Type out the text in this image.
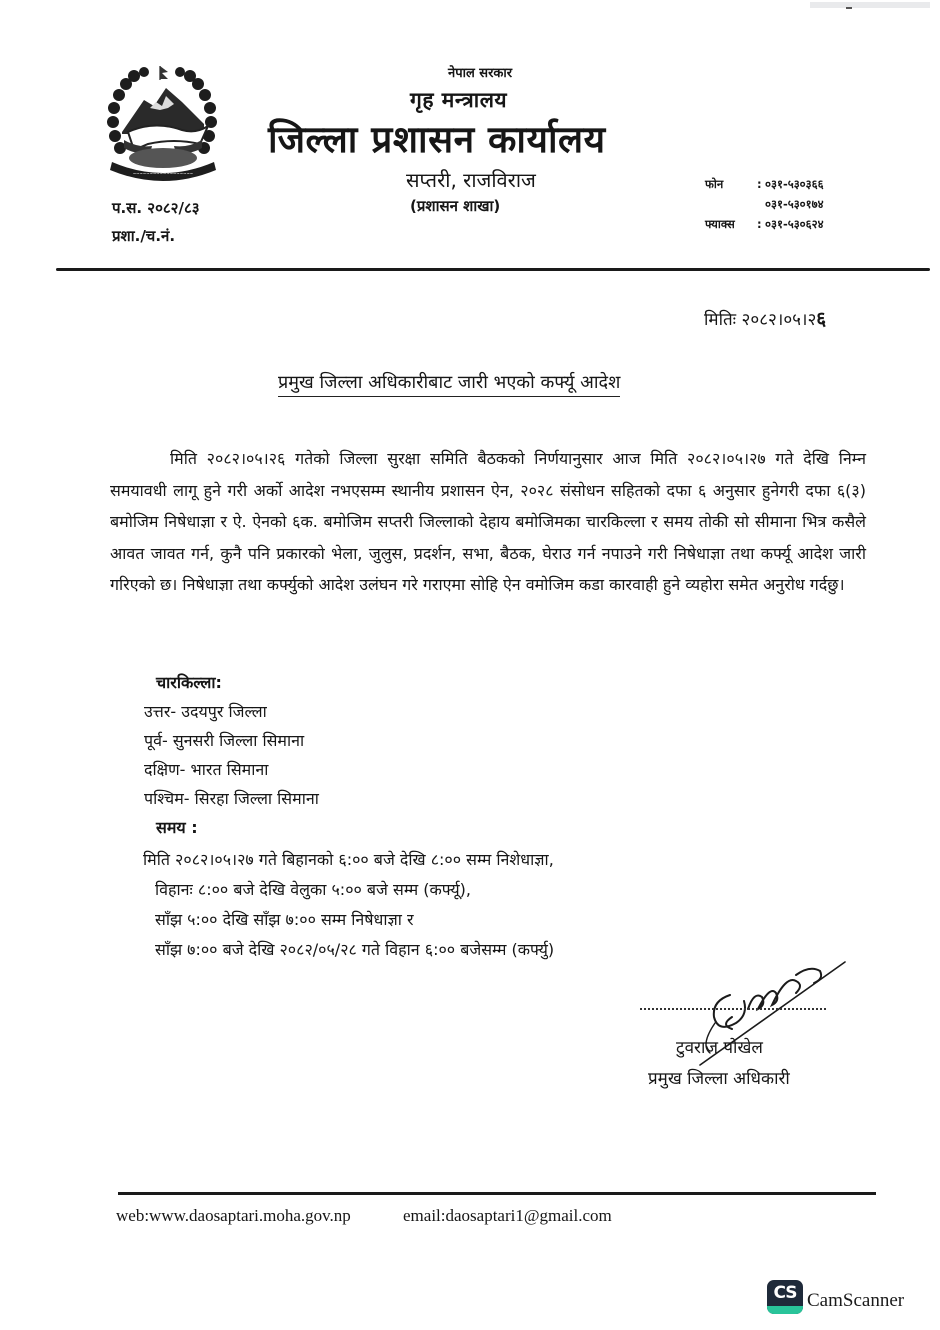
~~~~~~~~~~~~~~~~~~
नेपाल सरकार
गृह मन्त्रालय
जिल्ला प्रशासन कार्यालय
सप्तरी, राजविराज
(प्रशासन शाखा)
प.स. २०८२/८३
प्रशा./च.नं.
फोन	: ०३१-५३०३६६
०३१-५३०१७४
फ्याक्स	: ०३१-५३०६२४
मितिः २०८२।०५।२६
प्रमुख जिल्ला अधिकारीबाट जारी भएको कर्फ्यू आदेश
मिति २०८२।०५।२६ गतेको जिल्ला सुरक्षा समिति बैठकको निर्णयानुसार आज मिति २०८२।०५।२७ गते देखि निम्न समयावधी लागू हुने गरी अर्को आदेश नभएसम्म स्थानीय प्रशासन ऐन, २०२८ संसोधन सहितको दफा ६ अनुसार हुनेगरी दफा ६(३) बमोजिम निषेधाज्ञा र ऐ. ऐनको ६क. बमोजिम सप्तरी जिल्लाको देहाय बमोजिमका चारकिल्ला र समय तोकी सो सीमाना भित्र कसैले आवत जावत गर्न, कुनै पनि प्रकारको भेला, जुलुस, प्रदर्शन, सभा, बैठक, घेराउ गर्न नपाउने गरी निषेधाज्ञा तथा कर्फ्यू आदेश जारी गरिएको छ। निषेधाज्ञा तथा कर्फ्युको आदेश उलंघन गरे गराएमा सोहि ऐन वमोजिम कडा कारवाही हुने व्यहोरा समेत अनुरोध गर्दछु।
चारकिल्ला:
उत्तर- उदयपुर जिल्ला
पूर्व- सुनसरी जिल्ला सिमाना
दक्षिण- भारत सिमाना
पश्चिम- सिरहा जिल्ला सिमाना
समय :
मिति २०८२।०५।२७ गते बिहानको ६:०० बजे देखि ८:०० सम्म निशेधाज्ञा,
विहानः ८:०० बजे देखि वेलुका ५:०० बजे सम्म (कर्फ्यू),
साँझ ५:०० देखि साँझ ७:०० सम्म निषेधाज्ञा र
साँझ ७:०० बजे देखि २०८२/०५/२८ गते विहान ६:०० बजेसम्म (कर्फ्यु)
टुवराज पोखेल
प्रमुख जिल्ला अधिकारी
web:www.daosaptari.moha.gov.np	email:daosaptari1@gmail.com
CS CamScanner
